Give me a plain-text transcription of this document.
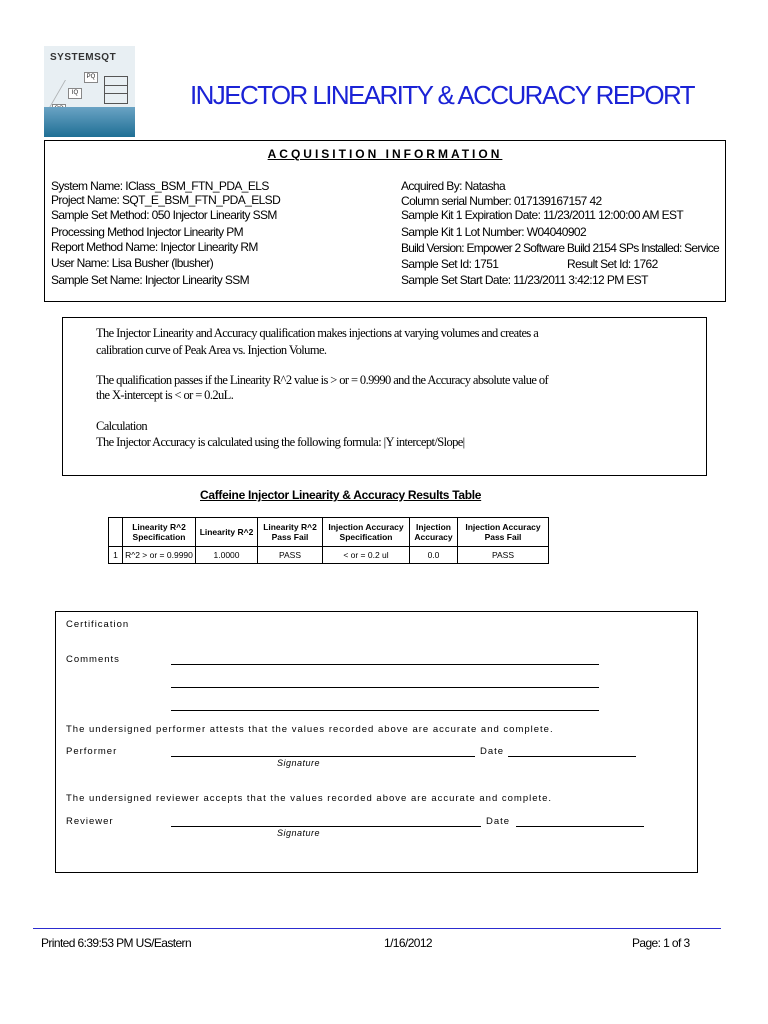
SYSTEMSQT
PQ
IQ	INJECTOR LINEARITY & ACCURACY REPORT
ACQUISITION INFORMATION
System Name: IClass_BSM_FTN_PDA_ELS
Project Name: SQT_E_BSM_FTN_PDA_ELSD
Sample Set Method: 050 Injector Linearity SSM
Processing Method Injector Linearity PM
Report Method Name: Injector Linearity RM
User Name: Lisa Busher (lbusher)
Sample Set Name: Injector Linearity SSM
Acquired By: Natasha
Column serial Number: 017139167157 42
Sample Kit 1 Expiration Date: 11/23/2011 12:00:00 AM EST
Sample Kit 1 Lot Number: W04040902
Build Version: Empower 2 Software Build 2154 SPs Installed: Service
Sample Set Id: 1751	Result Set Id: 1762
Sample Set Start Date: 11/23/2011 3:42:12 PM EST
The Injector Linearity and Accuracy qualification makes injections at varying volumes and creates a
calibration curve of Peak Area vs. Injection Volume.
The qualification passes if the Linearity R^2 value is > or = 0.9990 and the Accuracy absolute value of
the X-intercept is < or = 0.2uL.
Calculation
The Injector Accuracy is calculated using the following formula: |Y intercept/Slope|
Caffeine Injector Linearity & Accuracy Results Table
	Linearity R^2 Specification	Linearity R^2	Linearity R^2 Pass Fail	Injection Accuracy Specification	Injection Accuracy	Injection Accuracy Pass Fail
1	R^2 > or = 0.9990	1.0000	PASS	< or = 0.2 ul	0.0	PASS
Certification
Comments
The undersigned performer attests that the values recorded above are accurate and complete.
Performer	Date
Signature
The undersigned reviewer accepts that the values recorded above are accurate and complete.
Reviewer	Date
Signature
Printed 6:39:53 PM US/Eastern	1/16/2012	Page: 1 of 3
